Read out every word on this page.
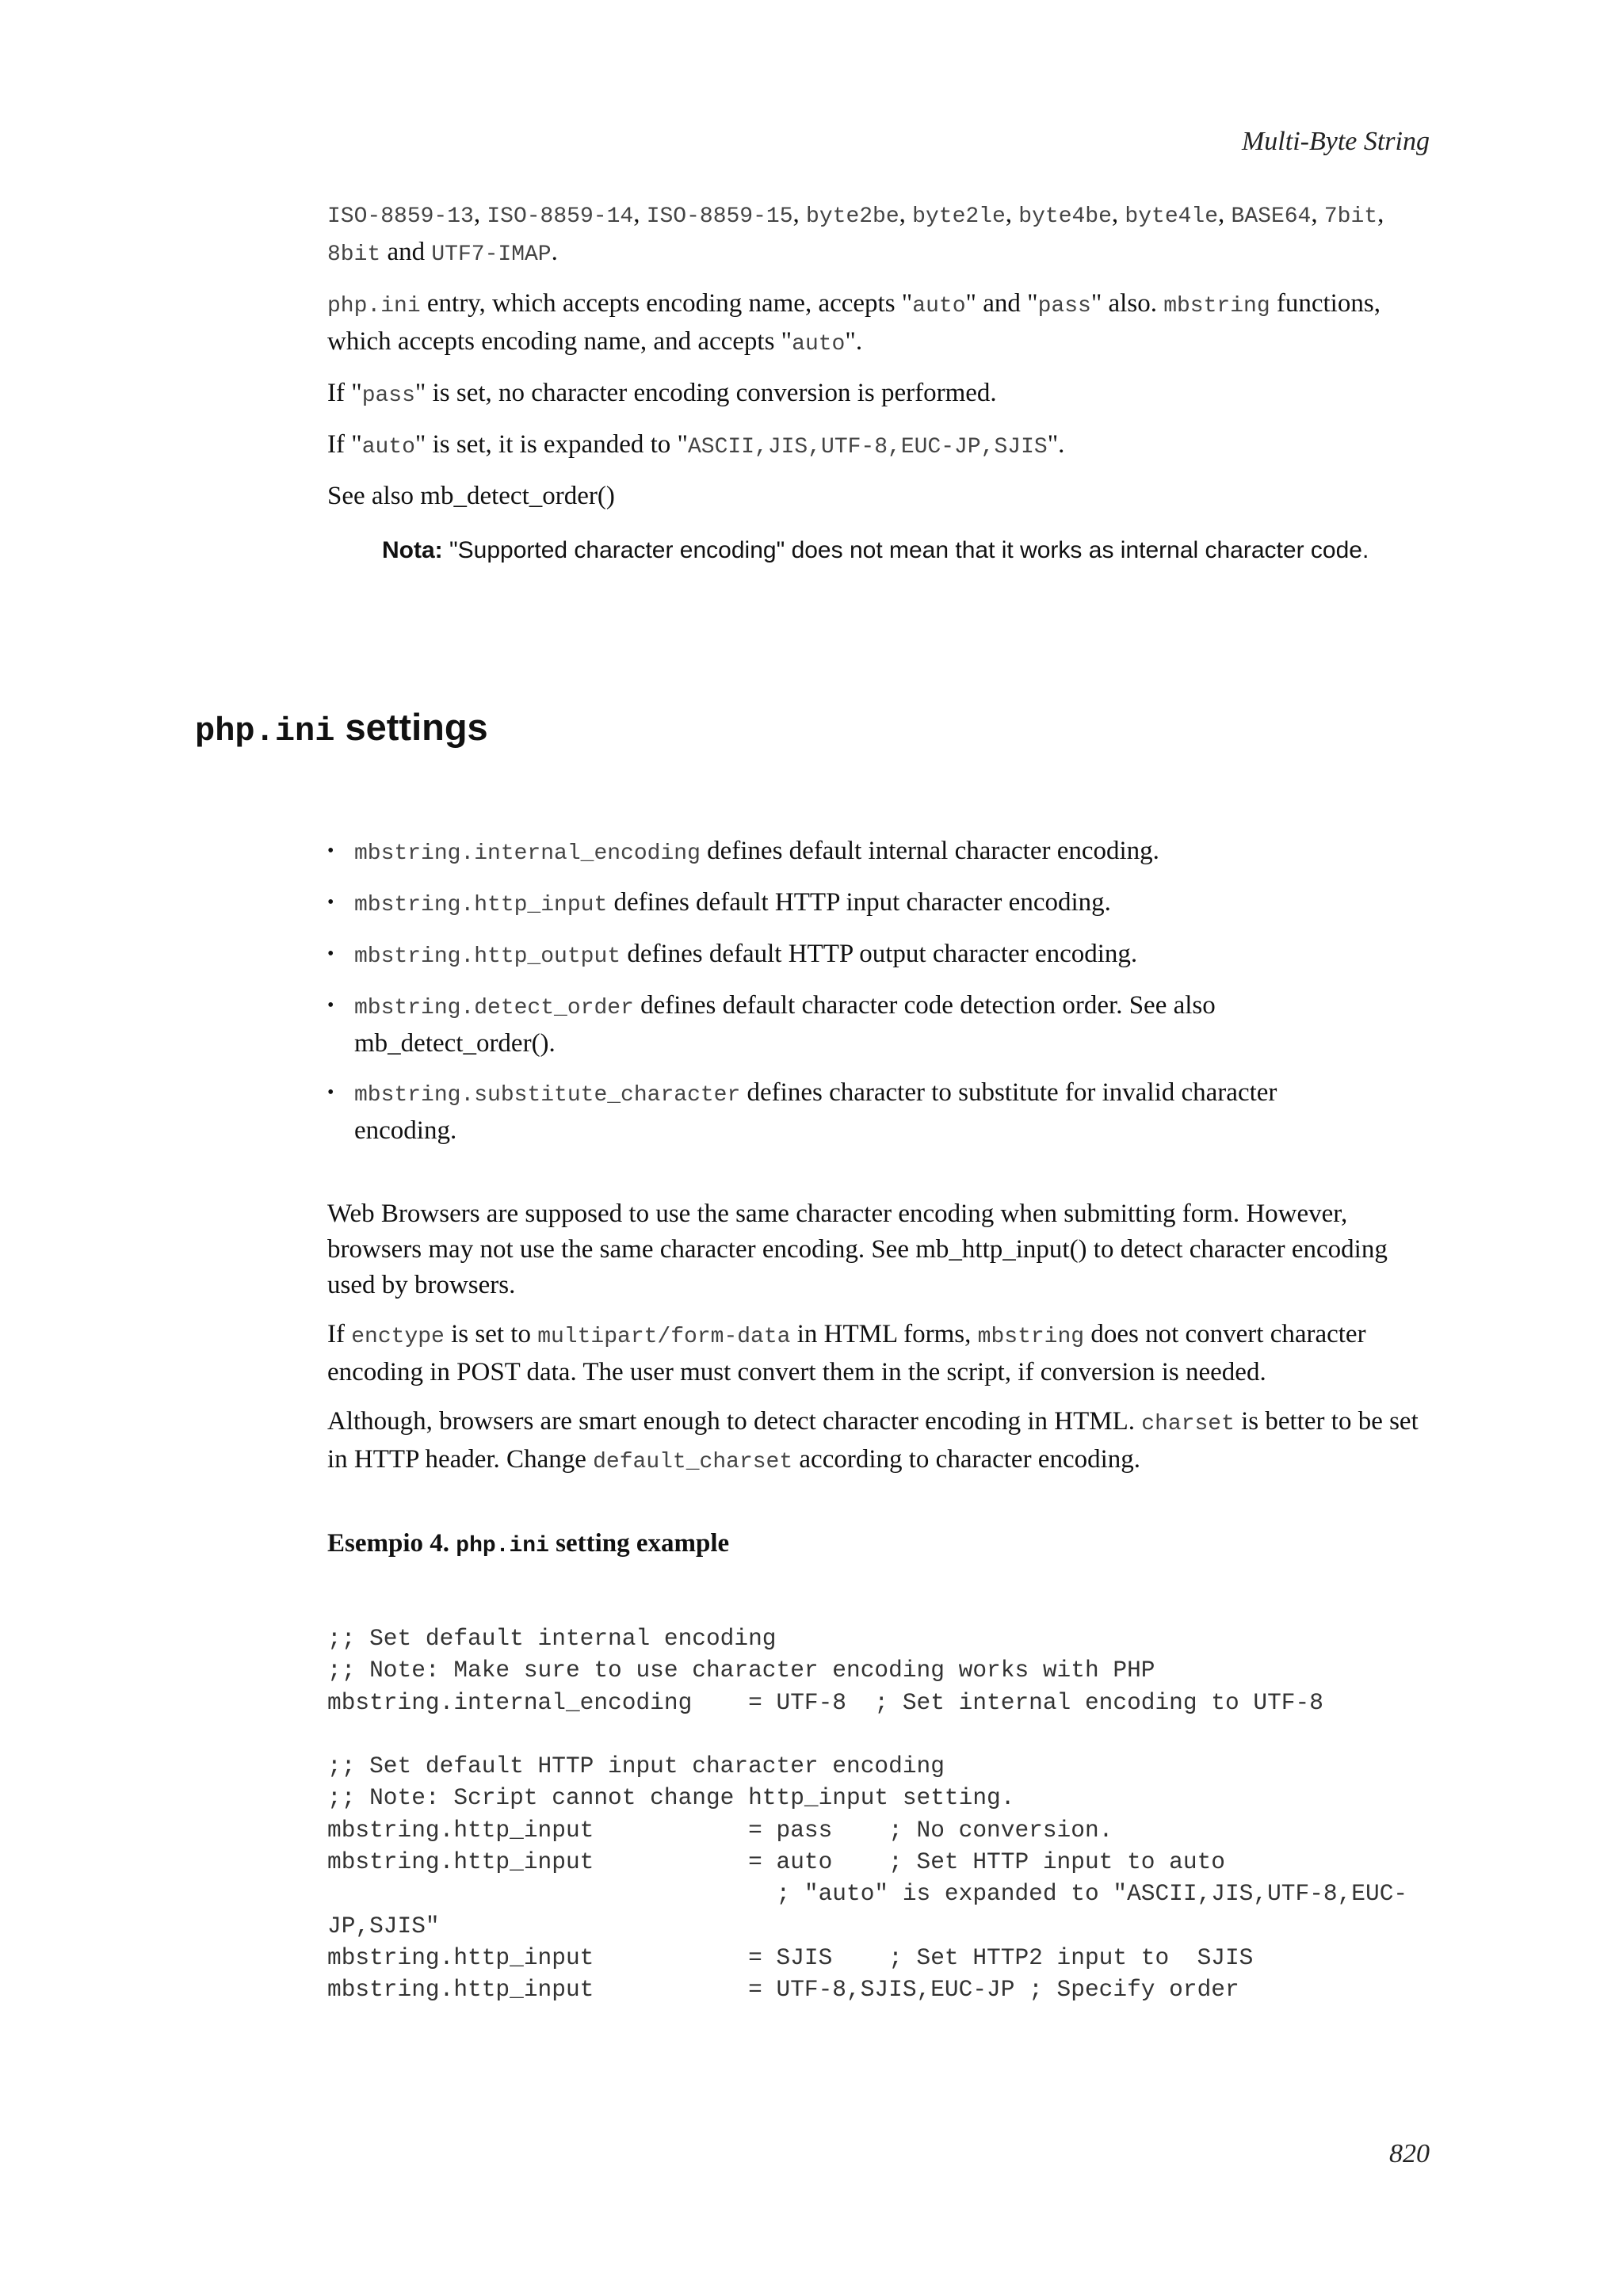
Multi-Byte String

ISO-8859-13, ISO-8859-14, ISO-8859-15, byte2be, byte2le, byte4be, byte4le, BASE64, 7bit, 8bit and UTF7-IMAP.

php.ini entry, which accepts encoding name, accepts "auto" and "pass" also. mbstring functions, which accepts encoding name, and accepts "auto".

If "pass" is set, no character encoding conversion is performed.

If "auto" is set, it is expanded to "ASCII,JIS,UTF-8,EUC-JP,SJIS".

See also mb_detect_order()

Nota: "Supported character encoding" does not mean that it works as internal character code.
php.ini settings
• mbstring.internal_encoding defines default internal character encoding.
• mbstring.http_input defines default HTTP input character encoding.
• mbstring.http_output defines default HTTP output character encoding.
• mbstring.detect_order defines default character code detection order. See also mb_detect_order().
• mbstring.substitute_character defines character to substitute for invalid character encoding.

Web Browsers are supposed to use the same character encoding when submitting form. However, browsers may not use the same character encoding. See mb_http_input() to detect character encoding used by browsers.

If enctype is set to multipart/form-data in HTML forms, mbstring does not convert character encoding in POST data. The user must convert them in the script, if conversion is needed.

Although, browsers are smart enough to detect character encoding in HTML. charset is better to be set in HTTP header. Change default_charset according to character encoding.

Esempio 4. php.ini setting example
;; Set default internal encoding
;; Note: Make sure to use character encoding works with PHP
mbstring.internal_encoding    = UTF-8  ; Set internal encoding to UTF-8

;; Set default HTTP input character encoding
;; Note: Script cannot change http_input setting.
mbstring.http_input           = pass    ; No conversion.
mbstring.http_input           = auto    ; Set HTTP input to auto
; "auto" is expanded to "ASCII,JIS,UTF-8,EUC-
JP,SJIS"
mbstring.http_input           = SJIS    ; Set HTTP2 input to  SJIS
mbstring.http_input           = UTF-8,SJIS,EUC-JP ; Specify order
820
